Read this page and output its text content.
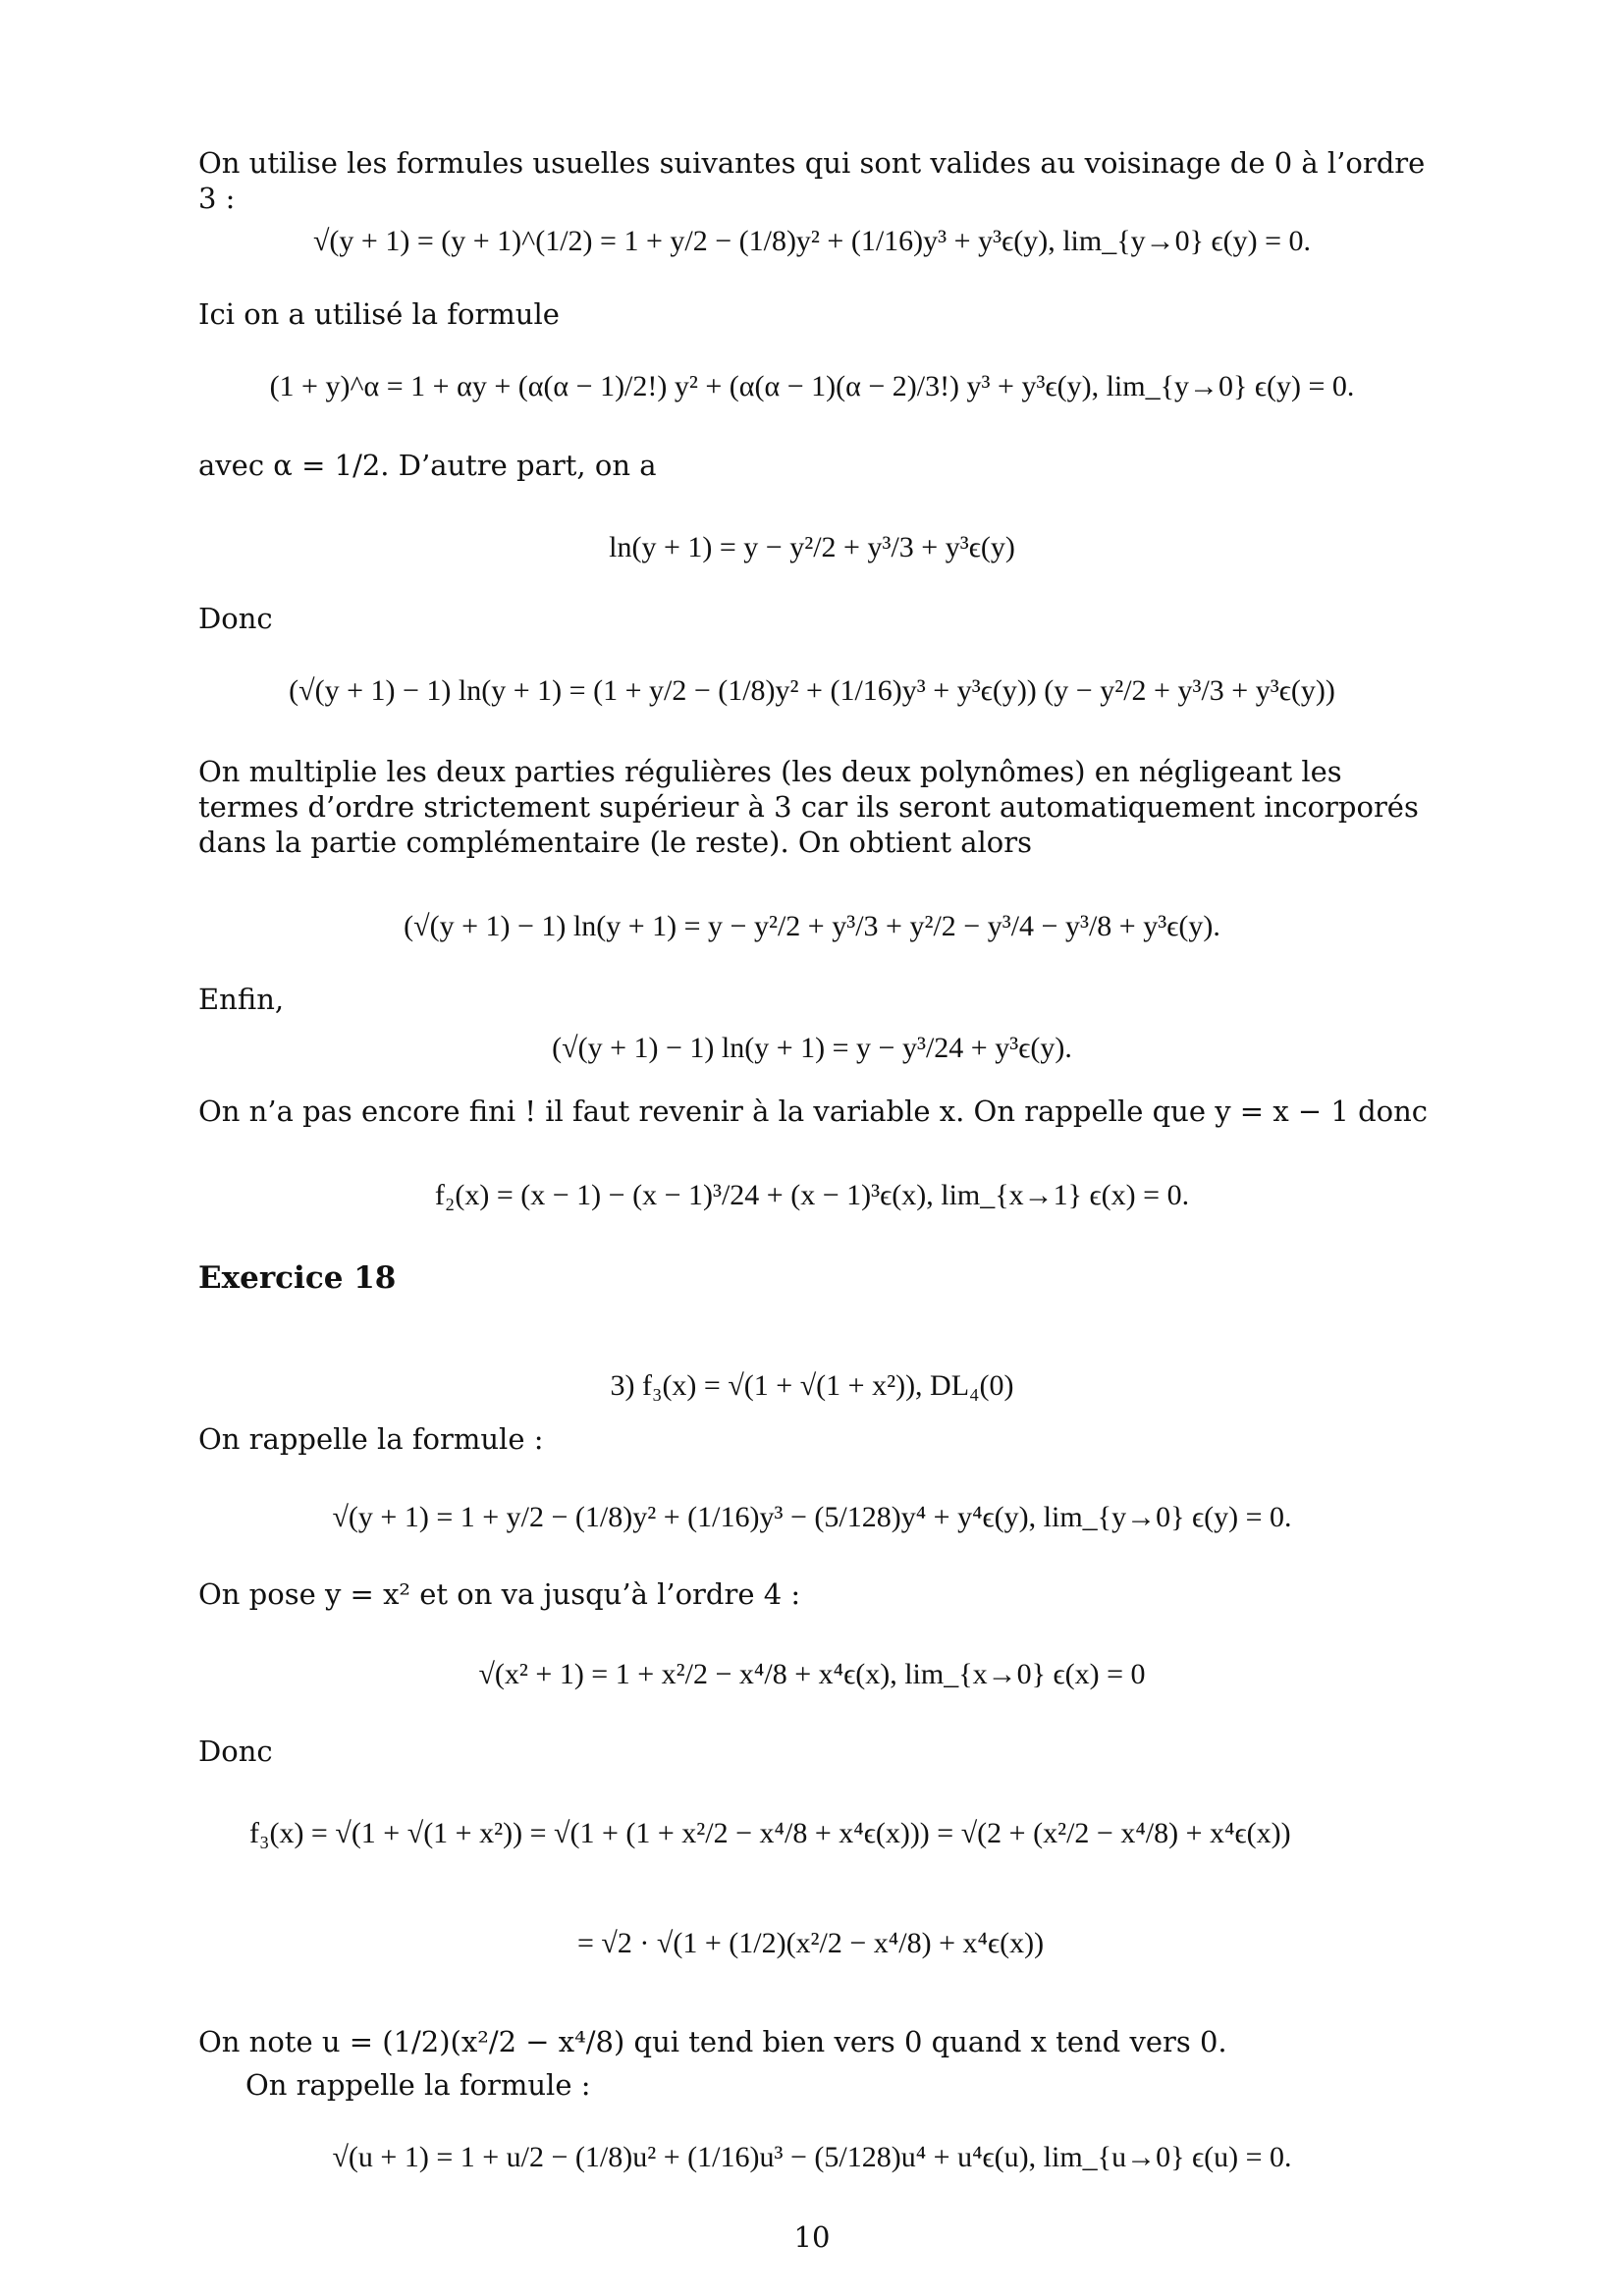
On utilise les formules usuelles suivantes qui sont valides au voisinage de 0 à l’ordre 3 :
√(y + 1) = (y + 1)^(1/2) = 1 + y/2 − (1/8)y² + (1/16)y³ + y³ϵ(y), lim_{y→0} ϵ(y) = 0.
Ici on a utilisé la formule
(1 + y)^α = 1 + αy + (α(α − 1)/2!) y² + (α(α − 1)(α − 2)/3!) y³ + y³ϵ(y), lim_{y→0} ϵ(y) = 0.
avec α = 1/2. D’autre part, on a
ln(y + 1) = y − y²/2 + y³/3 + y³ϵ(y)
Donc
(√(y + 1) − 1) ln(y + 1) = (1 + y/2 − (1/8)y² + (1/16)y³ + y³ϵ(y)) (y − y²/2 + y³/3 + y³ϵ(y))
On multiplie les deux parties régulières (les deux polynômes) en négligeant les termes d’ordre strictement supérieur à 3 car ils seront automatiquement incorporés dans la partie complémentaire (le reste). On obtient alors
(√(y + 1) − 1) ln(y + 1) = y − y²/2 + y³/3 + y²/2 − y³/4 − y³/8 + y³ϵ(y).
Enfin,
(√(y + 1) − 1) ln(y + 1) = y − y³/24 + y³ϵ(y).
On n’a pas encore fini ! il faut revenir à la variable x. On rappelle que y = x − 1 donc
f₂(x) = (x − 1) − (x − 1)³/24 + (x − 1)³ϵ(x), lim_{x→1} ϵ(x) = 0.
Exercice 18
3) f₃(x) = √(1 + √(1 + x²)), DL₄(0)
On rappelle la formule :
√(y + 1) = 1 + y/2 − (1/8)y² + (1/16)y³ − (5/128)y⁴ + y⁴ϵ(y), lim_{y→0} ϵ(y) = 0.
On pose y = x² et on va jusqu’à l’ordre 4 :
√(x² + 1) = 1 + x²/2 − x⁴/8 + x⁴ϵ(x), lim_{x→0} ϵ(x) = 0
Donc
f₃(x) = √(1 + √(1 + x²)) = √(1 + (1 + x²/2 − x⁴/8 + x⁴ϵ(x))) = √(2 + (x²/2 − x⁴/8) + x⁴ϵ(x))
= √2 · √(1 + (1/2)(x²/2 − x⁴/8) + x⁴ϵ(x))
On note u = (1/2)(x²/2 − x⁴/8) qui tend bien vers 0 quand x tend vers 0.
On rappelle la formule :
√(u + 1) = 1 + u/2 − (1/8)u² + (1/16)u³ − (5/128)u⁴ + u⁴ϵ(u), lim_{u→0} ϵ(u) = 0.
10
